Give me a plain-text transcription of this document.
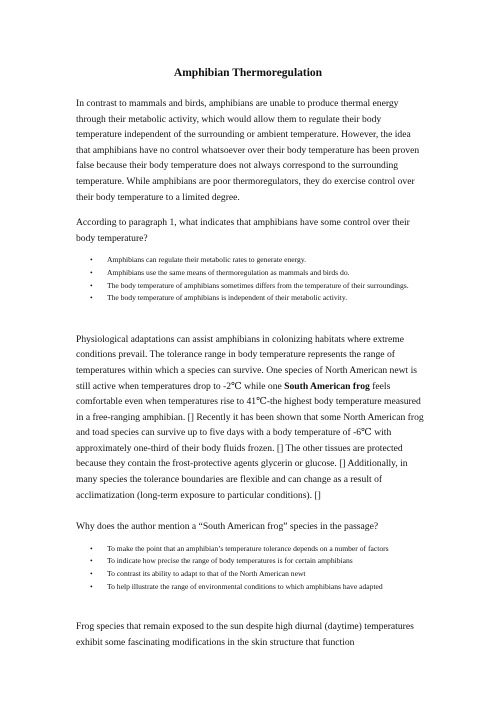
Amphibian Thermoregulation

In contrast to mammals and birds, amphibians are unable to produce thermal energy through their metabolic activity, which would allow them to regulate their body temperature independent of the surrounding or ambient temperature. However, the idea that amphibians have no control whatsoever over their body temperature has been proven false because their body temperature does not always correspond to the surrounding temperature. While amphibians are poor thermoregulators, they do exercise control over their body temperature to a limited degree.

According to paragraph 1, what indicates that amphibians have some control over their body temperature?

• Amphibians can regulate their metabolic rates to generate energy.
• Amphibians use the same means of thermoregulation as mammals and birds do.
• The body temperature of amphibians sometimes differs from the temperature of their surroundings.
• The body temperature of amphibians is independent of their metabolic activity.

Physiological adaptations can assist amphibians in colonizing habitats where extreme conditions prevail. The tolerance range in body temperature represents the range of temperatures within which a species can survive. One species of North American newt is still active when temperatures drop to -2℃ while one South American frog feels comfortable even when temperatures rise to 41℃-the highest body temperature measured in a free-ranging amphibian. [] Recently it has been shown that some North American frog and toad species can survive up to five days with a body temperature of -6℃ with approximately one-third of their body fluids frozen. [] The other tissues are protected because they contain the frost-protective agents glycerin or glucose. [] Additionally, in many species the tolerance boundaries are flexible and can change as a result of acclimatization (long-term exposure to particular conditions). []

Why does the author mention a “South American frog” species in the passage?

• To make the point that an amphibian’s temperature tolerance depends on a number of factors
• To indicate how precise the range of body temperatures is for certain amphibians
• To contrast its ability to adapt to that of the North American newt
• To help illustrate the range of environmental conditions to which amphibians have adapted

Frog species that remain exposed to the sun despite high diurnal (daytime) temperatures exhibit some fascinating modifications in the skin structure that function
